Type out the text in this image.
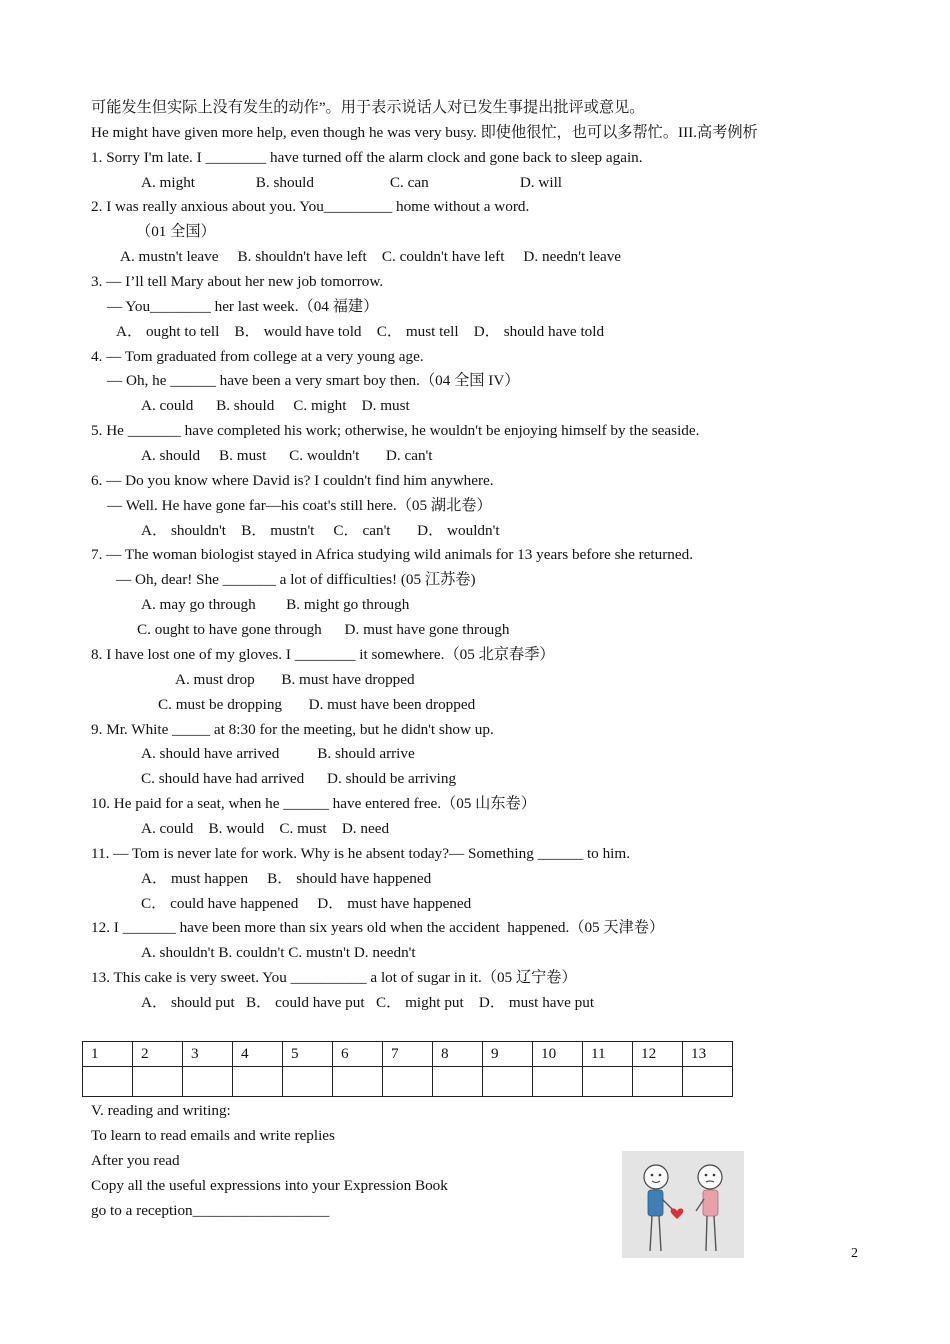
可能发生但实际上没有发生的动作”。用于表示说话人对已发生事提出批评或意见。
He might have given more help, even though he was very busy. 即使他很忙，也可以多帮忙。III.高考例析
1. Sorry I'm late. I ________ have turned off the alarm clock and gone back to sleep again.
A. might                B. should                    C. can                        D. will
2. I was really anxious about you. You_________ home without a word.
（01 全国）
A. mustn't leave     B. shouldn't have left    C. couldn't have left     D. needn't leave
3. — I’ll tell Mary about her new job tomorrow.
— You________ her last week.（04 福建）
A． ought to tell    B． would have told    C． must tell    D． should have told
4. — Tom graduated from college at a very young age.
— Oh, he ______ have been a very smart boy then.（04 全国 IV）
A. could      B. should     C. might    D. must
5. He _______ have completed his work; otherwise, he wouldn't be enjoying himself by the seaside.
A. should     B. must      C. wouldn't       D. can't
6. — Do you know where David is? I couldn't find him anywhere.
— Well. He have gone far—his coat's still here.（05 湖北卷）
A． shouldn't    B． mustn't     C． can't       D． wouldn't
7. — The woman biologist stayed in Africa studying wild animals for 13 years before she returned.
— Oh, dear! She _______ a lot of difficulties! (05 江苏卷)
A. may go through        B. might go through
C. ought to have gone through      D. must have gone through
8. I have lost one of my gloves. I ________ it somewhere.（05 北京春季）
A. must drop       B. must have dropped
C. must be dropping       D. must have been dropped
9. Mr. White _____ at 8:30 for the meeting, but he didn't show up.
A. should have arrived          B. should arrive
C. should have had arrived      D. should be arriving
10. He paid for a seat, when he ______ have entered free.（05 山东卷）
A. could    B. would    C. must    D. need
11. — Tom is never late for work. Why is he absent today?— Something ______ to him.
A． must happen     B． should have happened
C． could have happened     D． must have happened
12. I _______ have been more than six years old when the accident  happened.（05 天津卷）
A. shouldn't B. couldn't C. mustn't D. needn't
13. This cake is very sweet. You __________ a lot of sugar in it.（05 辽宁卷）
A． should put   B． could have put   C． might put    D． must have put
1	2	3	4	5	6	7	8	9	10	11	12	13

V. reading and writing:
To learn to read emails and write replies
After you read
Copy all the useful expressions into your Expression Book
go to a reception__________________
2
